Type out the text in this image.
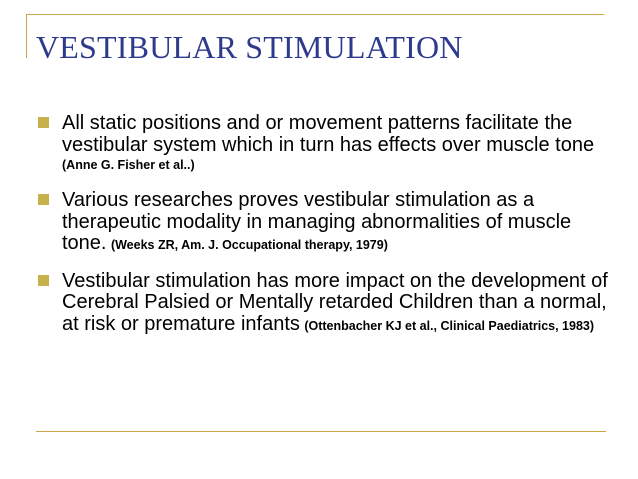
VESTIBULAR STIMULATION

All static positions and or movement patterns facilitate the vestibular system which in turn has effects over muscle tone (Anne G. Fisher et al..)

Various researches proves vestibular stimulation as a therapeutic modality in managing abnormalities of muscle tone. (Weeks ZR, Am. J. Occupational therapy, 1979)

Vestibular stimulation has more impact on the development of Cerebral Palsied or Mentally retarded Children than a normal, at risk or premature infants (Ottenbacher KJ et al., Clinical Paediatrics, 1983)
